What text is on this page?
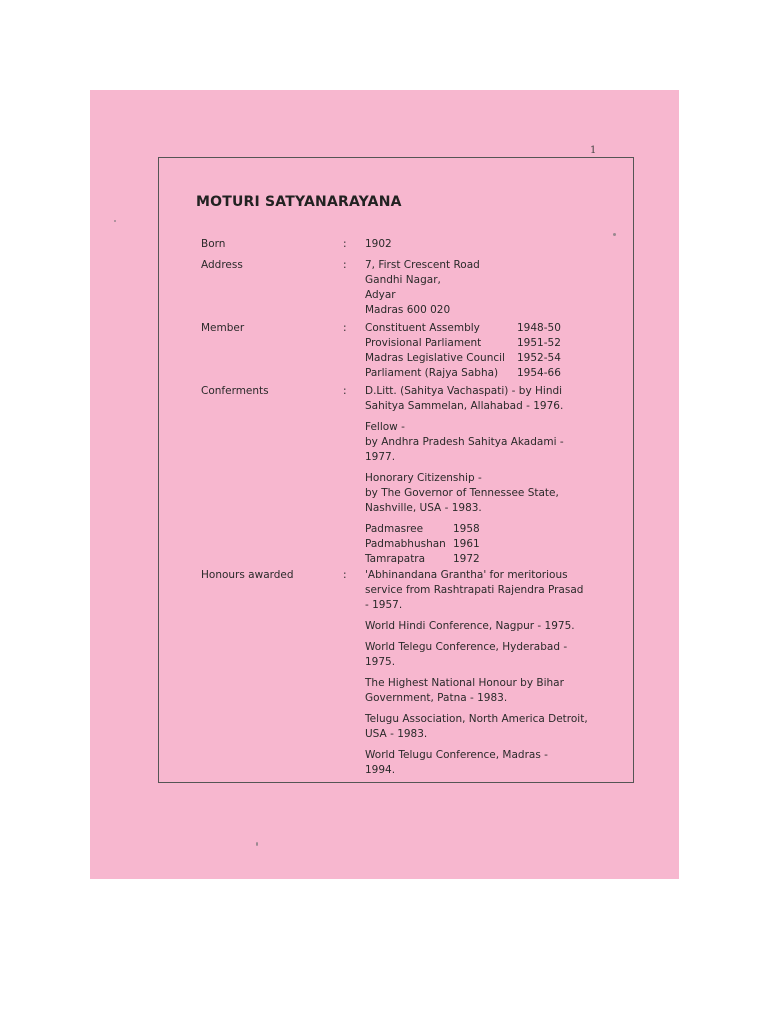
1
MOTURI SATYANARAYANA
Born	: 1902
Address	: 7, First Crescent Road
Gandhi Nagar,
Adyar
Madras 600 020
Member	: Constituent Assembly	1948-50
Provisional Parliament	1951-52
Madras Legislative Council	1952-54
Parliament (Rajya Sabha)	1954-66
Conferments	: D.Litt. (Sahitya Vachaspati) - by Hindi
Sahitya Sammelan, Allahabad - 1976.
Fellow -
by Andhra Pradesh Sahitya Akadami -
1977.
Honorary Citizenship -
by The Governor of Tennessee State,
Nashville, USA - 1983.
Padmasree	1958
Padmabhushan 1961
Tamrapatra	1972
Honours awarded	: 'Abhinandana Grantha' for meritorious
service from Rashtrapati Rajendra Prasad
- 1957.
World Hindi Conference, Nagpur - 1975.
World Telegu Conference, Hyderabad -
1975.
The Highest National Honour by Bihar
Government, Patna - 1983.
Telugu Association, North America Detroit,
USA - 1983.
World Telugu Conference, Madras -
1994.
